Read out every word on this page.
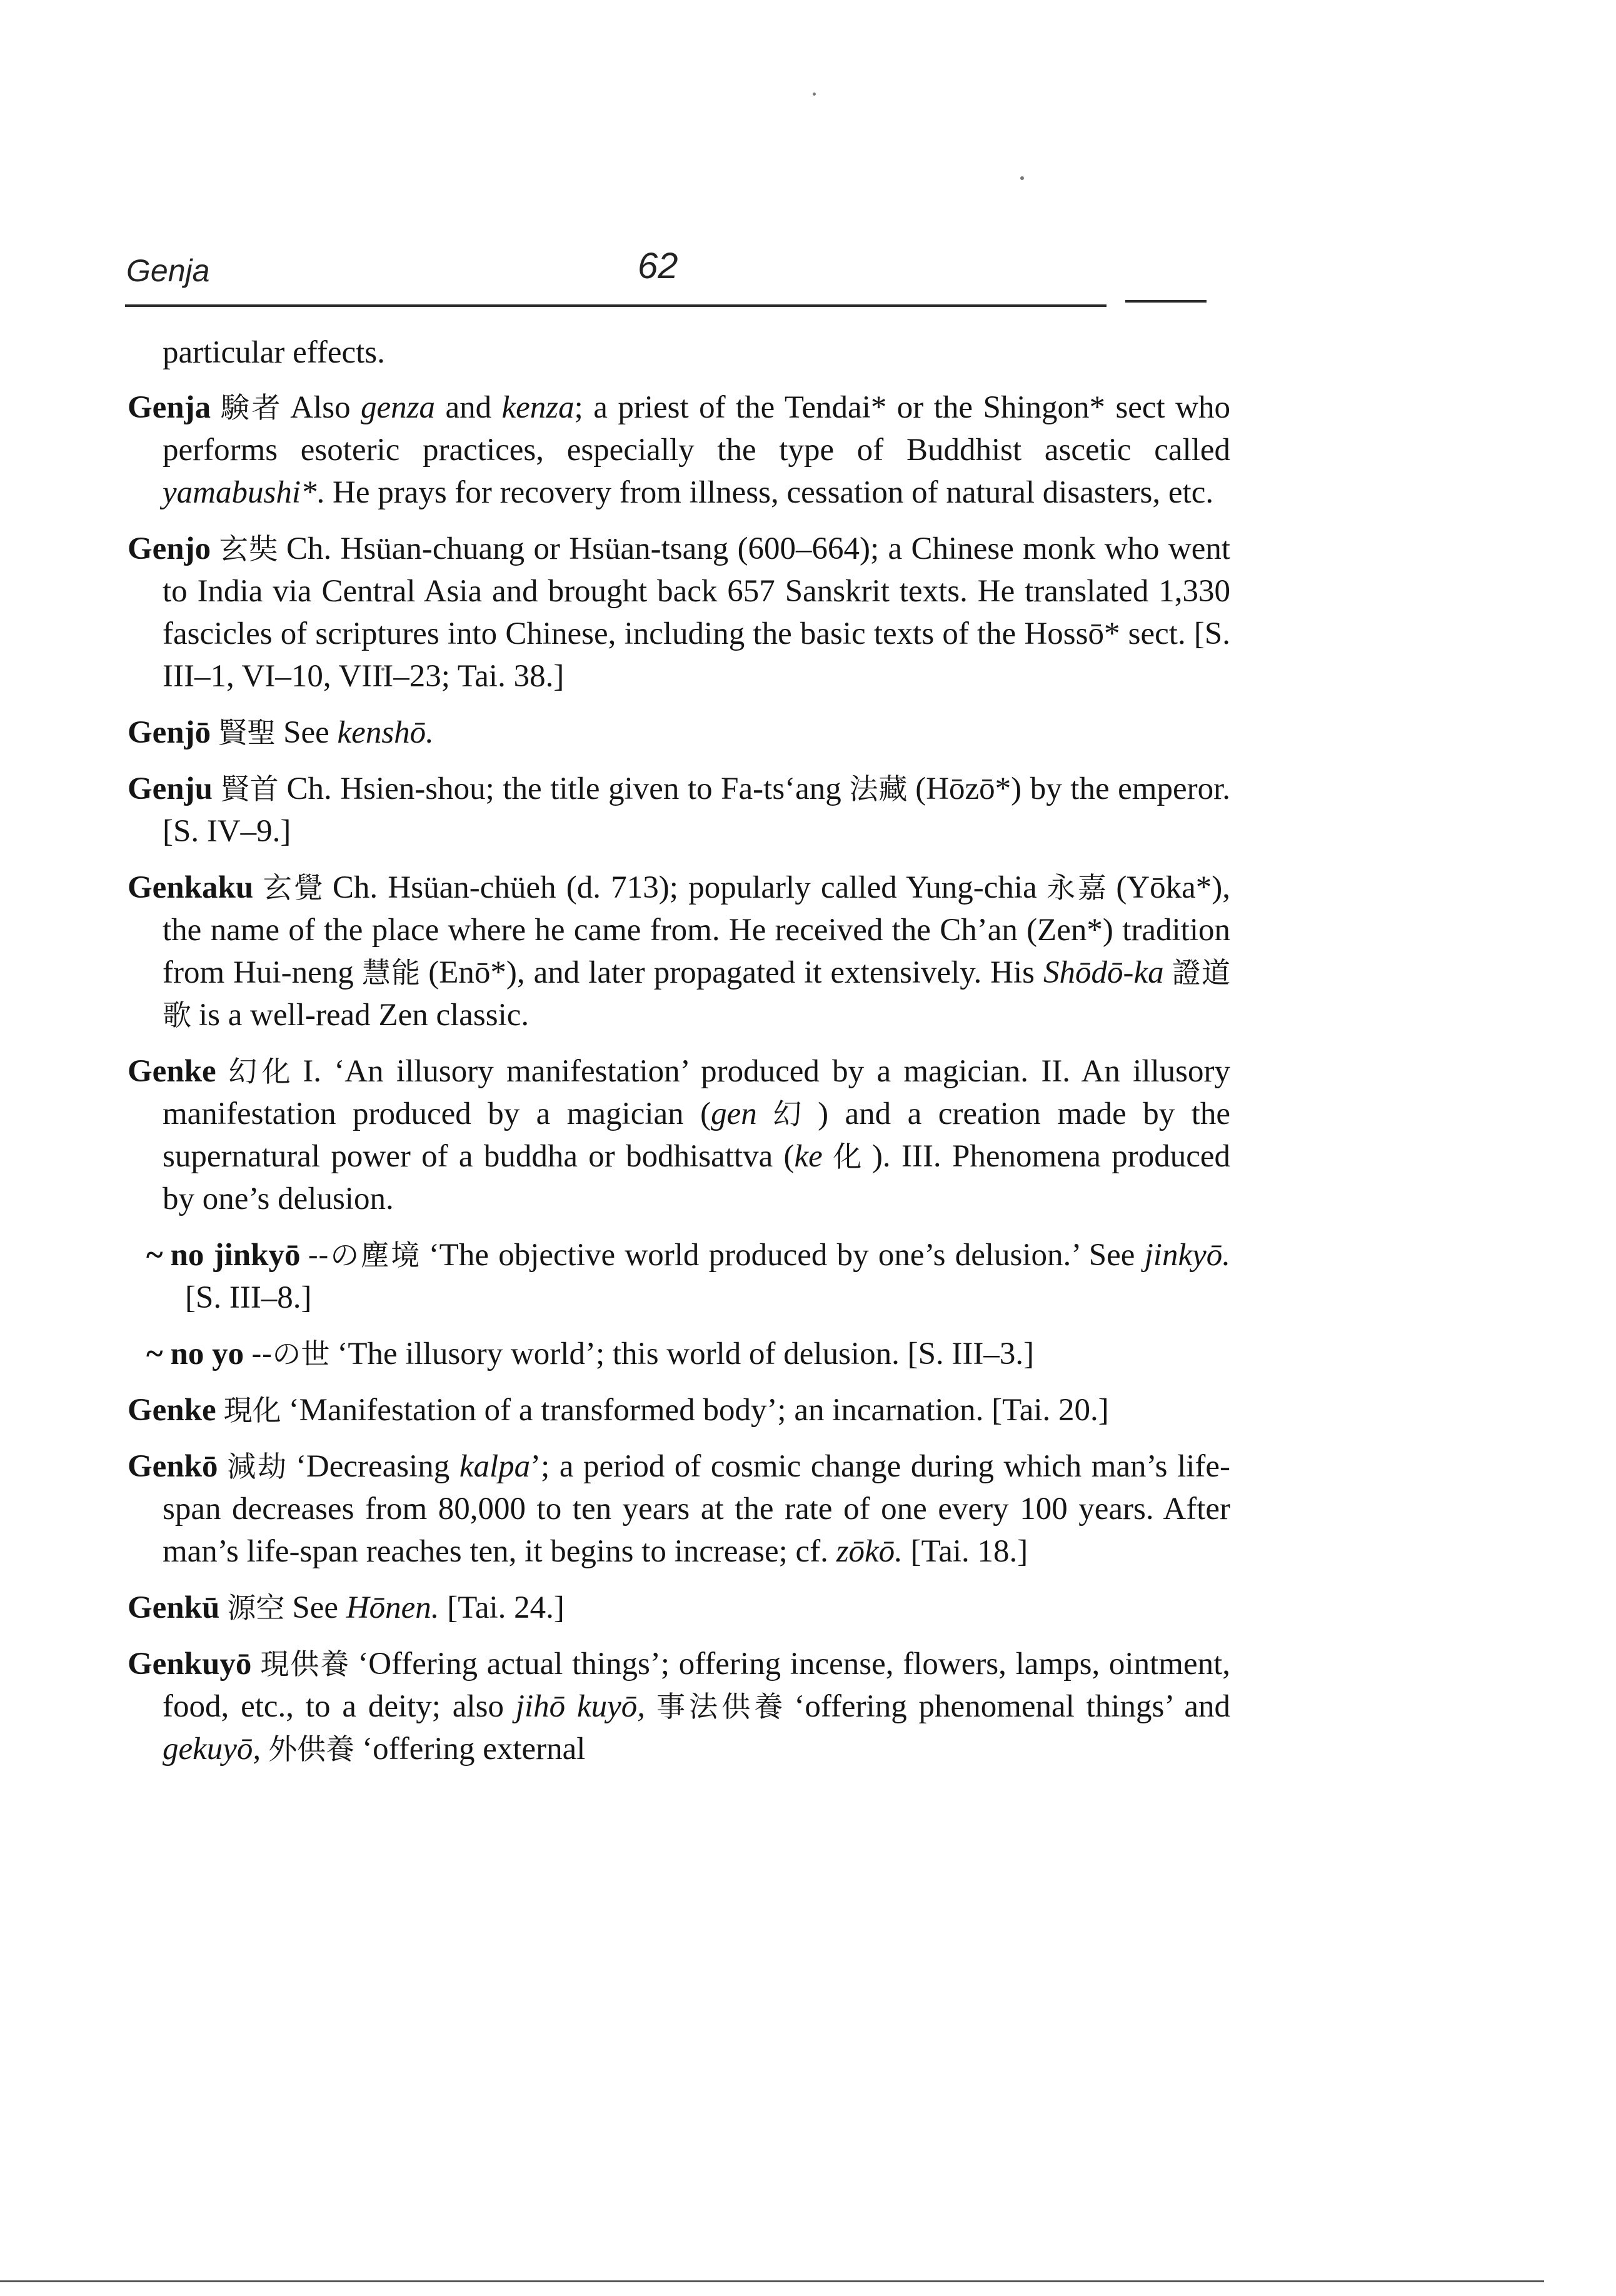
Genja	62

particular effects.

Genja 験者 Also genza and kenza; a priest of the Tendai* or the Shingon* sect who performs esoteric practices, especially the type of Buddhist ascetic called yamabushi*. He prays for recovery from illness, cessation of natural disasters, etc.

Genjo 玄奘 Ch. Hsüan-chuang or Hsüan-tsang (600–664); a Chinese monk who went to India via Central Asia and brought back 657 Sanskrit texts. He translated 1,330 fascicles of scriptures into Chinese, including the basic texts of the Hossō* sect. [S. III–1, VI–10, VIII–23; Tai. 38.]

Genjō 賢聖 See kenshō.

Genju 賢首 Ch. Hsien-shou; the title given to Fa-ts‘ang 法藏 (Hōzō*) by the emperor. [S. IV–9.]

Genkaku 玄覺 Ch. Hsüan-chüeh (d. 713); popularly called Yung-chia 永嘉 (Yōka*), the name of the place where he came from. He received the Ch’an (Zen*) tradition from Hui-neng 慧能 (Enō*), and later propagated it extensively. His Shōdō-ka 證道歌 is a well-read Zen classic.

Genke 幻化 I. ‘An illusory manifestation’ produced by a magician. II. An illusory manifestation produced by a magician (gen 幻 ) and a creation made by the supernatural power of a buddha or bodhisattva (ke 化 ). III. Phenomena produced by one’s delusion.

~ no jinkyō --の塵境 ‘The objective world produced by one’s delusion.’ See jinkyō. [S. III–8.]

~ no yo --の世 ‘The illusory world’; this world of delusion. [S. III–3.]

Genke 現化 ‘Manifestation of a transformed body’; an incarnation. [Tai. 20.]

Genkō 減劫 ‘Decreasing kalpa’; a period of cosmic change during which man’s life-span decreases from 80,000 to ten years at the rate of one every 100 years. After man’s life-span reaches ten, it begins to increase; cf. zōkō. [Tai. 18.]

Genkū 源空 See Hōnen. [Tai. 24.]

Genkuyō 現供養 ‘Offering actual things’; offering incense, flowers, lamps, ointment, food, etc., to a deity; also jihō kuyō, 事法供養 ‘offering phenomenal things’ and gekuyō, 外供養 ‘offering external
